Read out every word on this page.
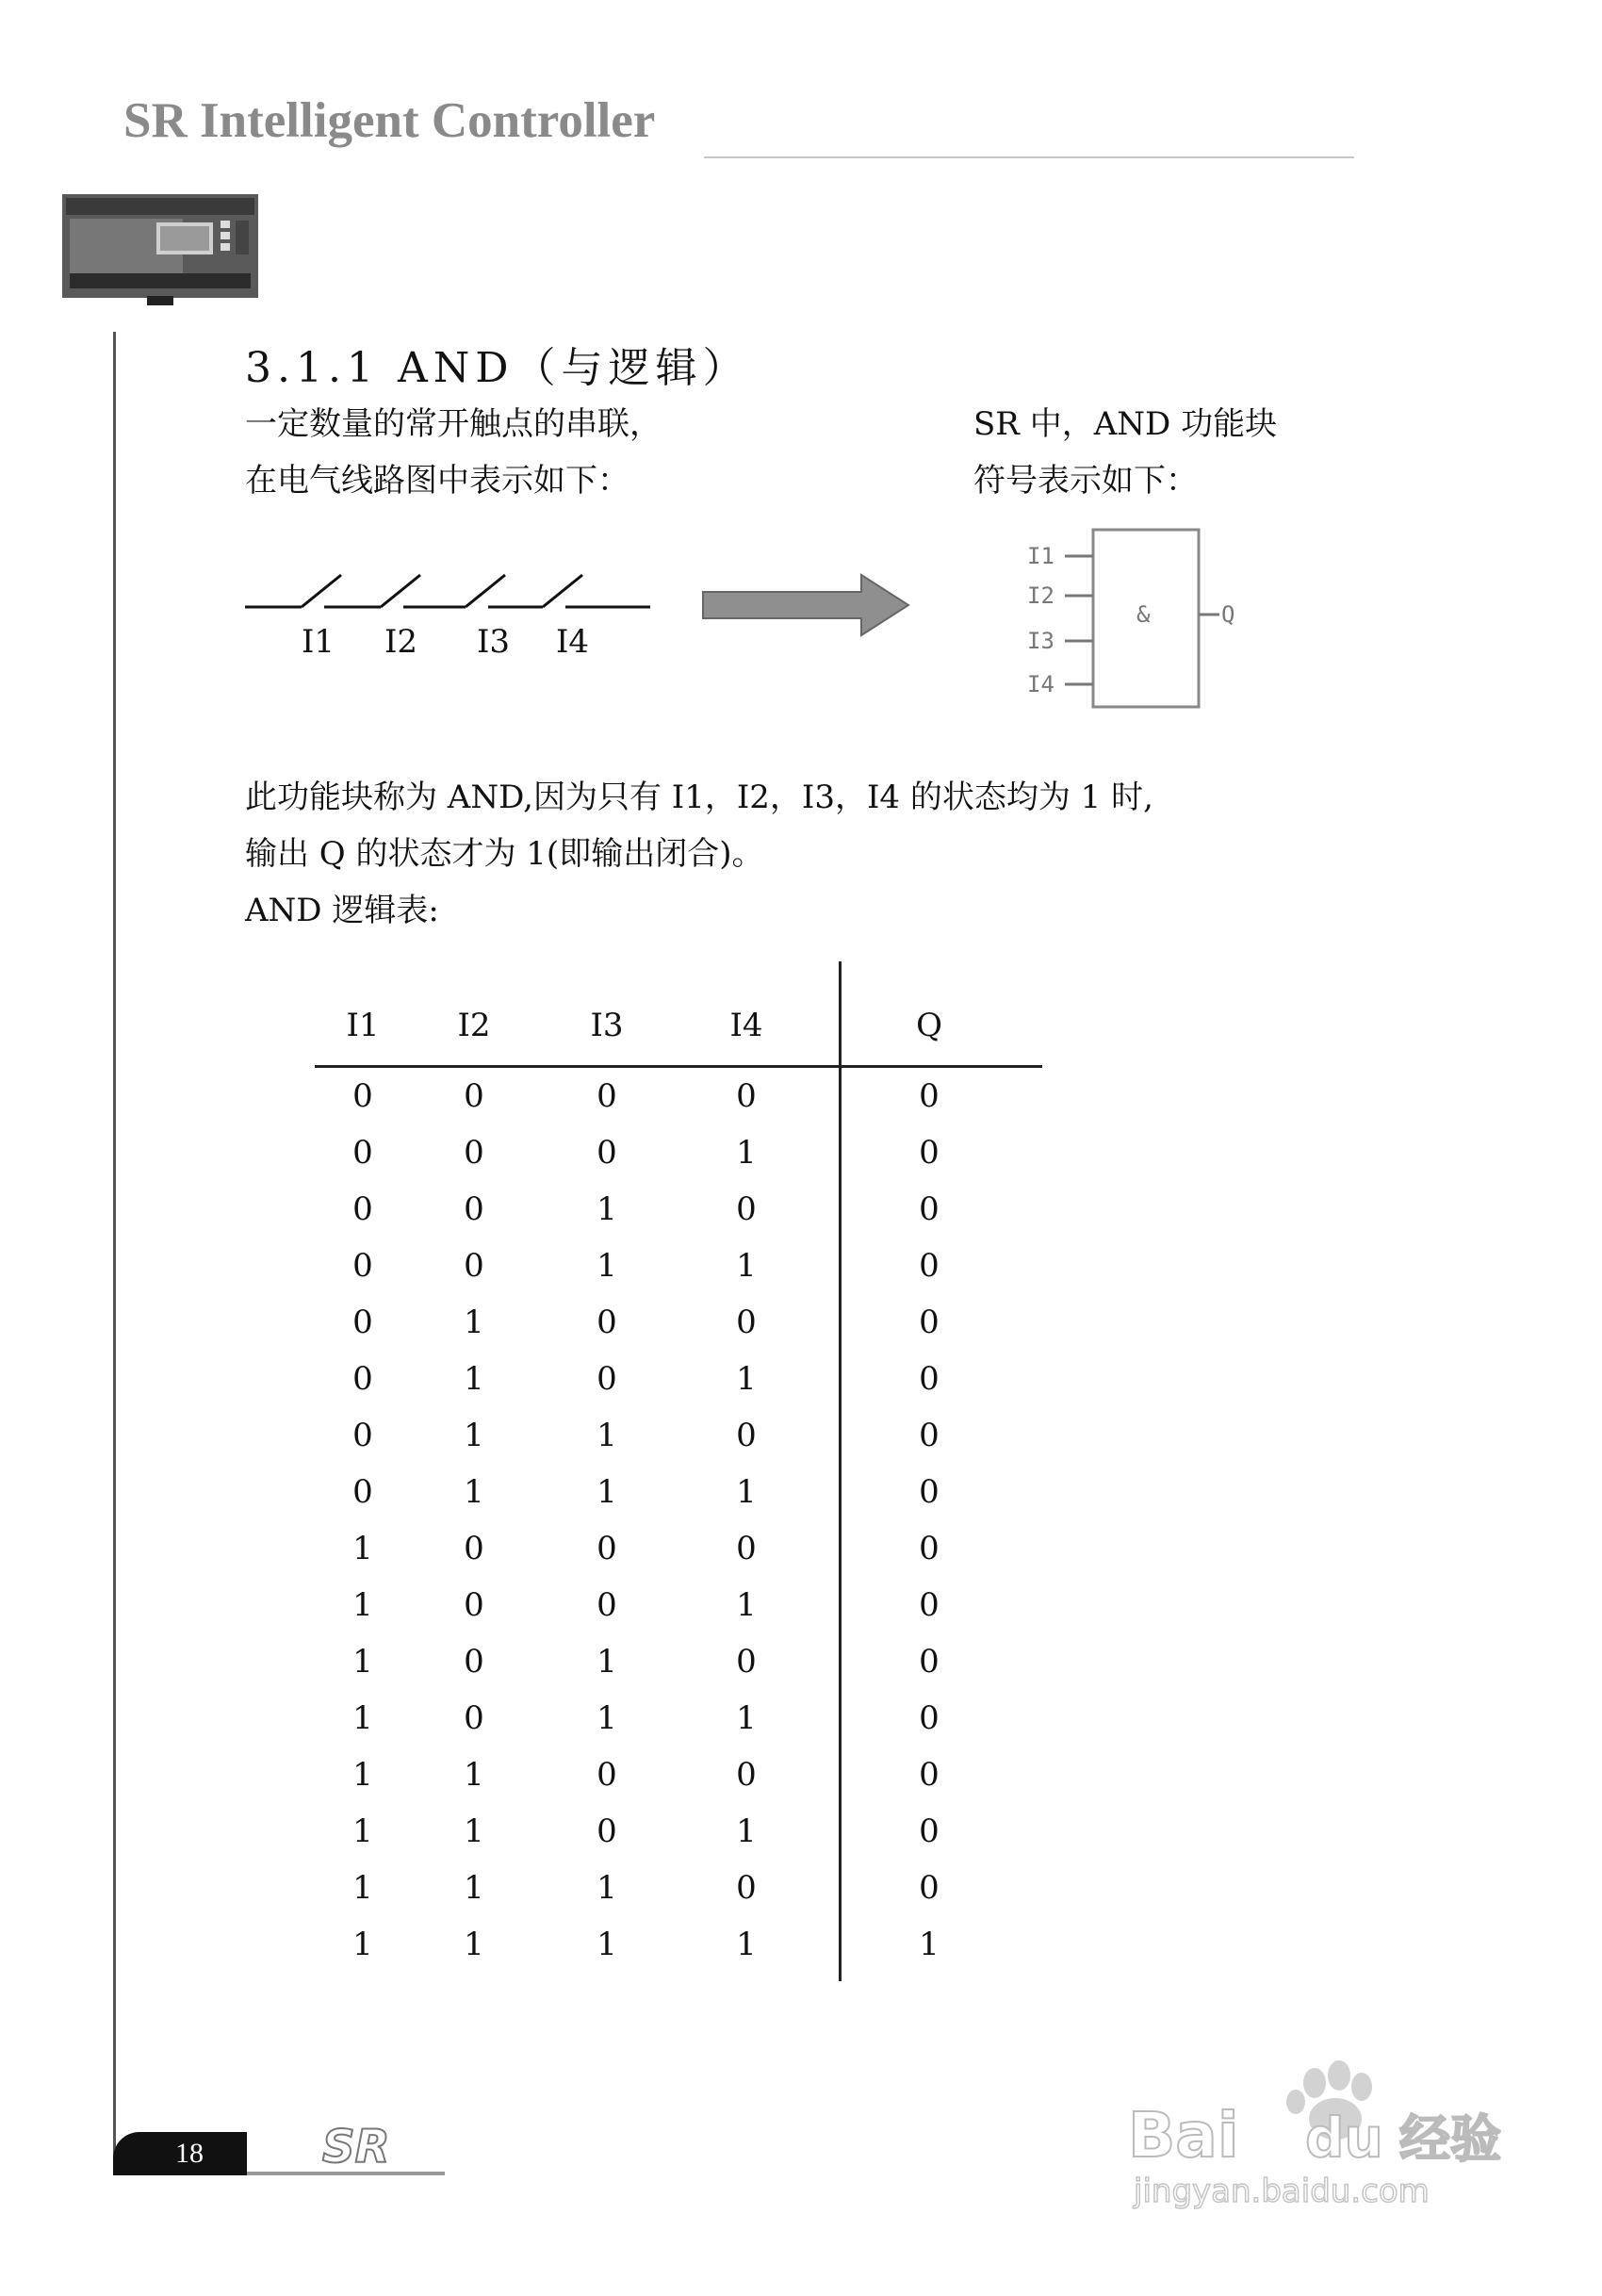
SR Intelligent Controller
3.1.1 AND（与逻辑）
一定数量的常开触点的串联，
在电气线路图中表示如下：
SR 中，AND 功能块
符号表示如下：
I1 I2 I3 I4
I1
I2
I3
I4
&	Q
此功能块称为 AND,因为只有 I1，I2，I3，I4 的状态均为 1 时,
输出 Q 的状态才为 1(即输出闭合)。
AND 逻辑表:
I1	I2	I3	I4	Q
0	0	0	0	0
0	0	0	1	0
0	0	1	0	0
0	0	1	1	0
0	1	0	0	0
0	1	0	1	0
0	1	1	0	0
0	1	1	1	0
1	0	0	0	0
1	0	0	1	0
1	0	1	0	0
1	0	1	1	0
1	1	0	0	0
1	1	0	1	0
1	1	1	0	0
1	1	1	1	1
18	SR	Bai du 经验
jingyan.baidu.com
